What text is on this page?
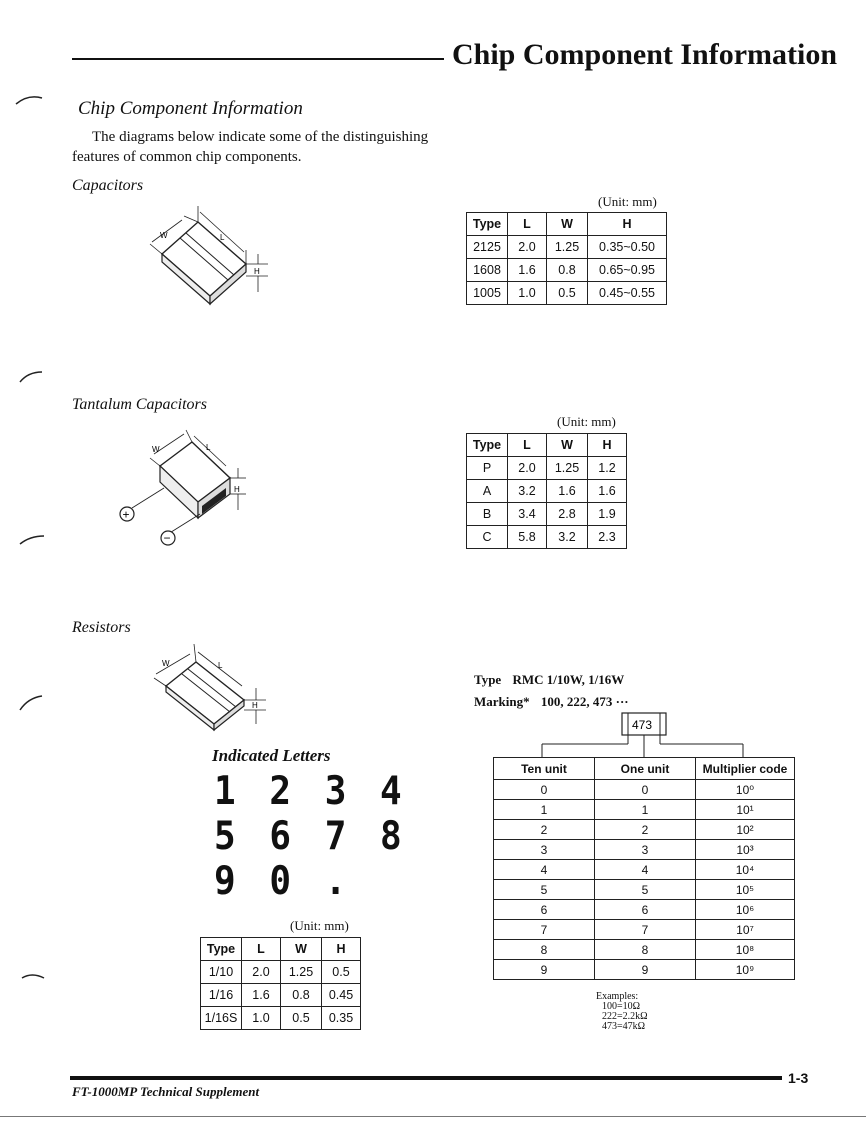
Chip Component Information
Chip Component Information
The diagrams below indicate some of the distinguishing features of common chip components.
Capacitors
W	L
H
(Unit: mm)
Type	L	W	H
2125	2.0	1.25	0.35~0.50
1608	1.6	0.8	0.65~0.95
1005	1.0	0.5	0.45~0.55
Tantalum Capacitors
+
−
W	L
H
(Unit: mm)
Type	L	W	H
P	2.0	1.25	1.2
A	3.2	1.6	1.6
B	3.4	2.8	1.9
C	5.8	3.2	2.3
Resistors
W	L
H
Indicated Letters
1 2 3 4
5 6 7 8
9 0 .
(Unit: mm)
Type	L	W	H
1/10	2.0	1.25	0.5
1/16	1.6	0.8	0.45
1/16S	1.0	0.5	0.35
Type RMC 1/10W, 1/16W
Marking* 100, 222, 473 ···
473
Ten unit	One unit	Multiplier code
0	0	10⁰
1	1	10¹
2	2	10²
3	3	10³
4	4	10⁴
5	5	10⁵
6	6	10⁶
7	7	10⁷
8	8	10⁸
9	9	10⁹
Examples:
100=10Ω
222=2.2kΩ
473=47kΩ
1-3
FT-1000MP Technical Supplement
